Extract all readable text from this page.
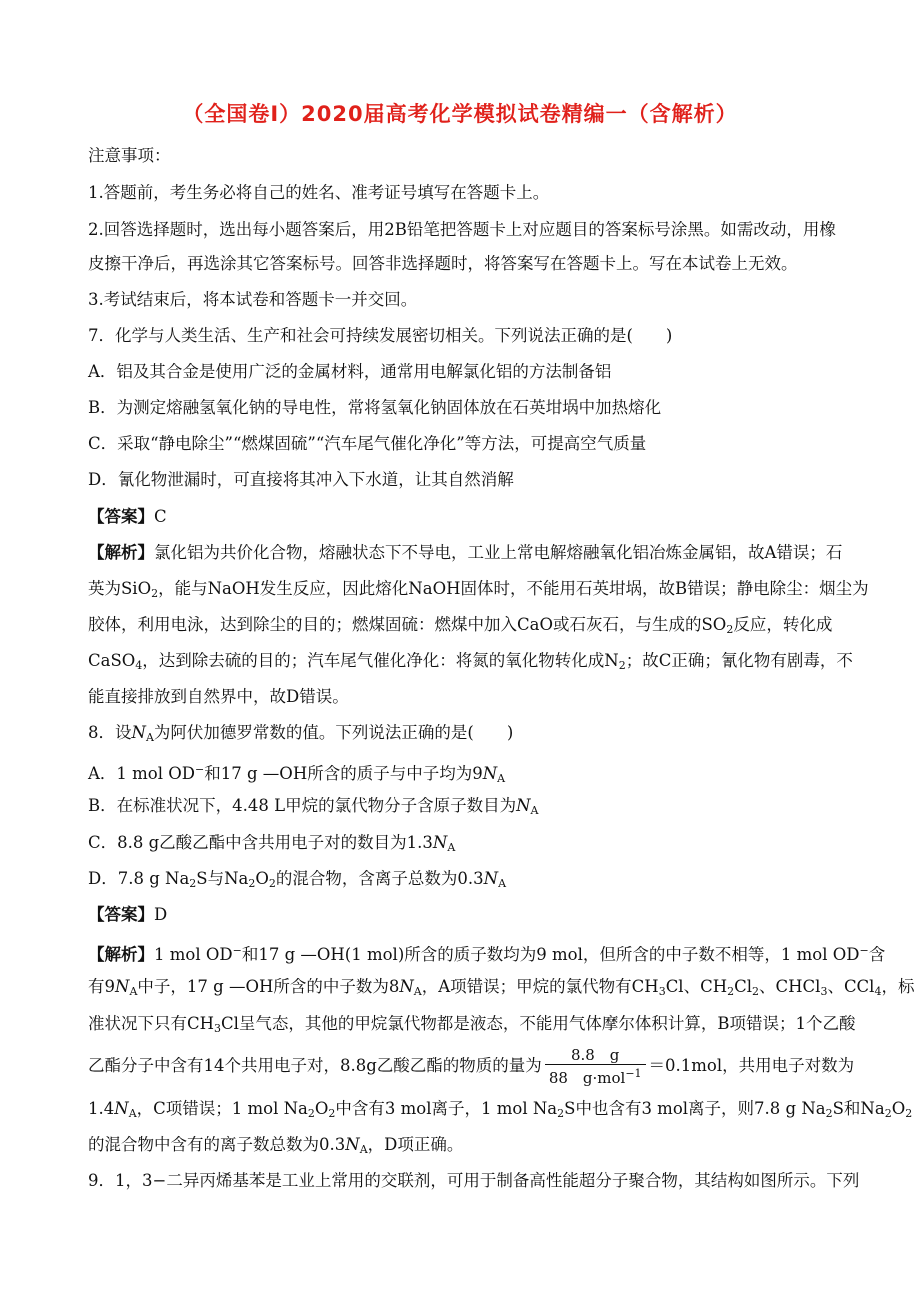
（全国卷Ⅰ）2020届高考化学模拟试卷精编一（含解析）
注意事项：
1.答题前，考生务必将自己的姓名、准考证号填写在答题卡上。
2.回答选择题时，选出每小题答案后，用2B铅笔把答题卡上对应题目的答案标号涂黑。如需改动，用橡
皮擦干净后，再选涂其它答案标号。回答非选择题时，将答案写在答题卡上。写在本试卷上无效。
3.考试结束后，将本试卷和答题卡一并交回。
7．化学与人类生活、生产和社会可持续发展密切相关。下列说法正确的是(　　)
A．铝及其合金是使用广泛的金属材料，通常用电解氯化铝的方法制备铝
B．为测定熔融氢氧化钠的导电性，常将氢氧化钠固体放在石英坩埚中加热熔化
C．采取“静电除尘”“燃煤固硫”“汽车尾气催化净化”等方法，可提高空气质量
D．氰化物泄漏时，可直接将其冲入下水道，让其自然消解
【答案】C
【解析】氯化铝为共价化合物，熔融状态下不导电，工业上常电解熔融氧化铝冶炼金属铝，故A错误；石
英为SiO$_2$，能与NaOH发生反应，因此熔化NaOH固体时，不能用石英坩埚，故B错误；静电除尘：烟尘为
胶体，利用电泳，达到除尘的目的；燃煤固硫：燃煤中加入CaO或石灰石，与生成的$SO_2$反应，转化成
CaSO$_4$，达到除去硫的目的；汽车尾气催化净化：将氮的氧化物转化成$N_2$；故C正确；氰化物有剧毒，不
能直接排放到自然界中，故D错误。
8．设$N_A$为阿伏加德罗常数的值。下列说法正确的是(　　)
A．1 mol OD−和17 g —OH所含的质子与中子均为$9N_A$
B．在标准状况下，4.48 L甲烷的氯代物分子含原子数目为$N_A$
C．8.8 g乙酸乙酯中含共用电子对的数目为$1.3N_A$
D．7.8 g $Na_2S$与$Na_2O_2$的混合物，含离子总数为$0.3N_A$
【答案】D
【解析】1 mol OD−和17 g —OH(1 mol)所含的质子数均为9 mol，但所含的中子数不相等，1 mol OD−含
有$9N_A$中子，17 g —OH所含的中子数为$8N_A$，A项错误；甲烷的氯代物有$CH_3Cl$、$CH_2Cl_2$、CHCl$_3$、CCl$_4$，标
准状况下只有$CH_3Cl$呈气态，其他的甲烷氯代物都是液态，不能用气体摩尔体积计算，B项错误；1个乙酸
乙酯分子中含有14个共用电子对，8.8g乙酸乙酯的物质的量为 $\frac{8.8 g}{88 g\cdot mol^{-1}} =0.1mol$，共用电子对数为
$1.4N_A$，C项错误；1 mol $Na_2O_2$中含有3 mol离子，1 mol $Na_2S$中也含有3 mol离子，则7.8 g $Na_2S$和$Na_2O_2$
的混合物中含有的离子数总数为$0.3N_A$，D项正确。
9．1，3−二异丙烯基苯是工业上常用的交联剂，可用于制备高性能超分子聚合物，其结构如图所示。下列
